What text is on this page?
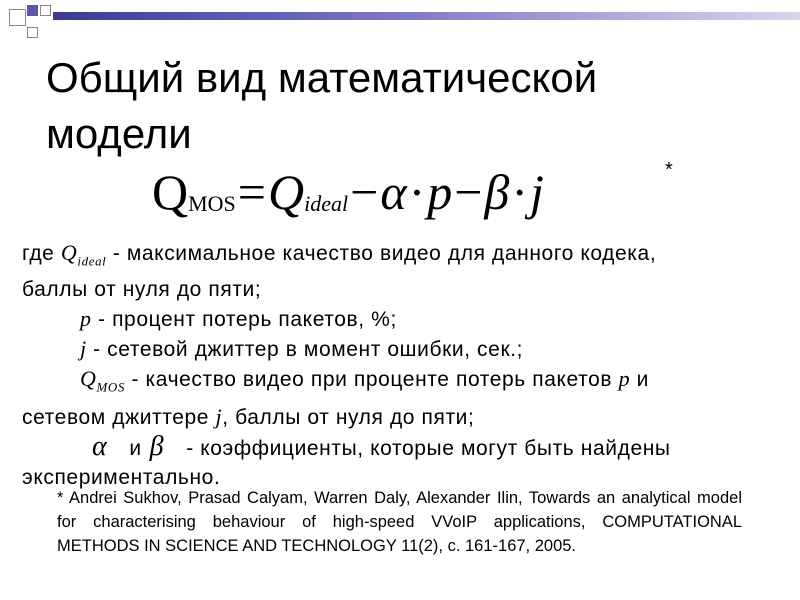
Общий вид математической модели
$Q_{MOS}=Q_{ideal}-\alpha\cdot p-\beta\cdot j$	*
где $Q_{ideal}$ - максимальное качество видео для данного кодека,
баллы от нуля до пяти;
p - процент потерь пакетов, %;
j - сетевой джиттер в момент ошибки, сек.;
$Q_{MOS}$ - качество видео при проценте потерь пакетов p и
сетевом джиттере j, баллы от нуля до пяти;
α и β - коэффициенты, которые могут быть найдены
экспериментально.
* Andrei Sukhov, Prasad Calyam, Warren Daly, Alexander Ilin, Towards an analytical model for characterising behaviour of high-speed VVoIP applications, COMPUTATIONAL METHODS IN SCIENCE AND TECHNOLOGY 11(2), с. 161-167, 2005.
